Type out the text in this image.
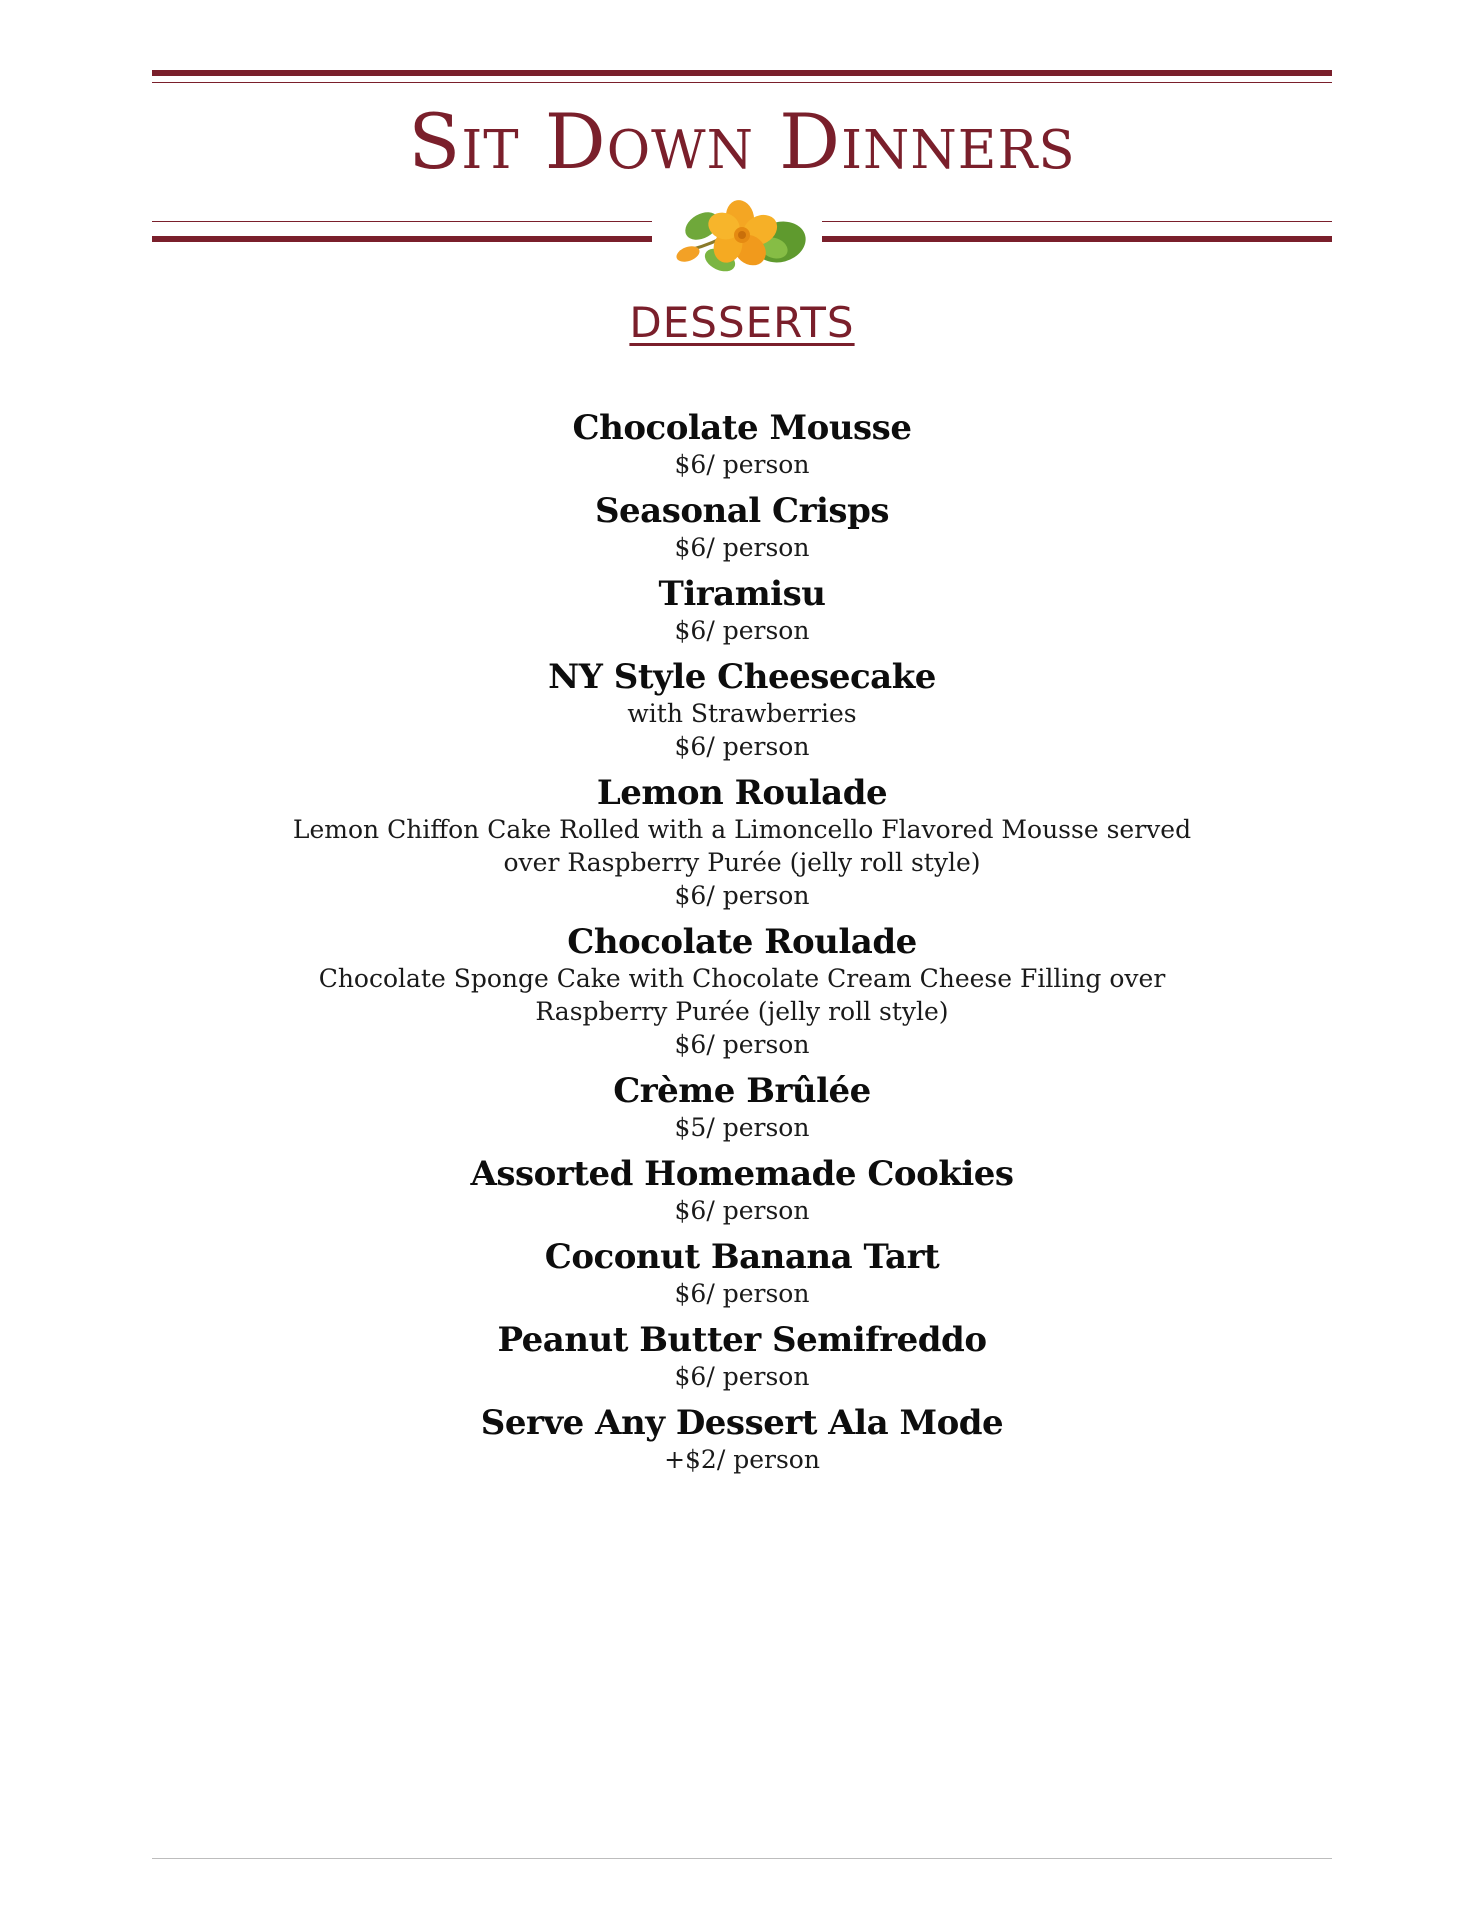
Sit Down Dinners
DESSERTS
Chocolate Mousse
$6/ person
Seasonal Crisps
$6/ person
Tiramisu
$6/ person
NY Style Cheesecake
with Strawberries
$6/ person
Lemon Roulade
Lemon Chiffon Cake Rolled with a Limoncello Flavored Mousse served over Raspberry Purée (jelly roll style)
$6/ person
Chocolate Roulade
Chocolate Sponge Cake with Chocolate Cream Cheese Filling over Raspberry Purée (jelly roll style)
$6/ person
Crème Brûlée
$5/ person
Assorted Homemade Cookies
$6/ person
Coconut Banana Tart
$6/ person
Peanut Butter Semifreddo
$6/ person
Serve Any Dessert Ala Mode
+$2/ person
